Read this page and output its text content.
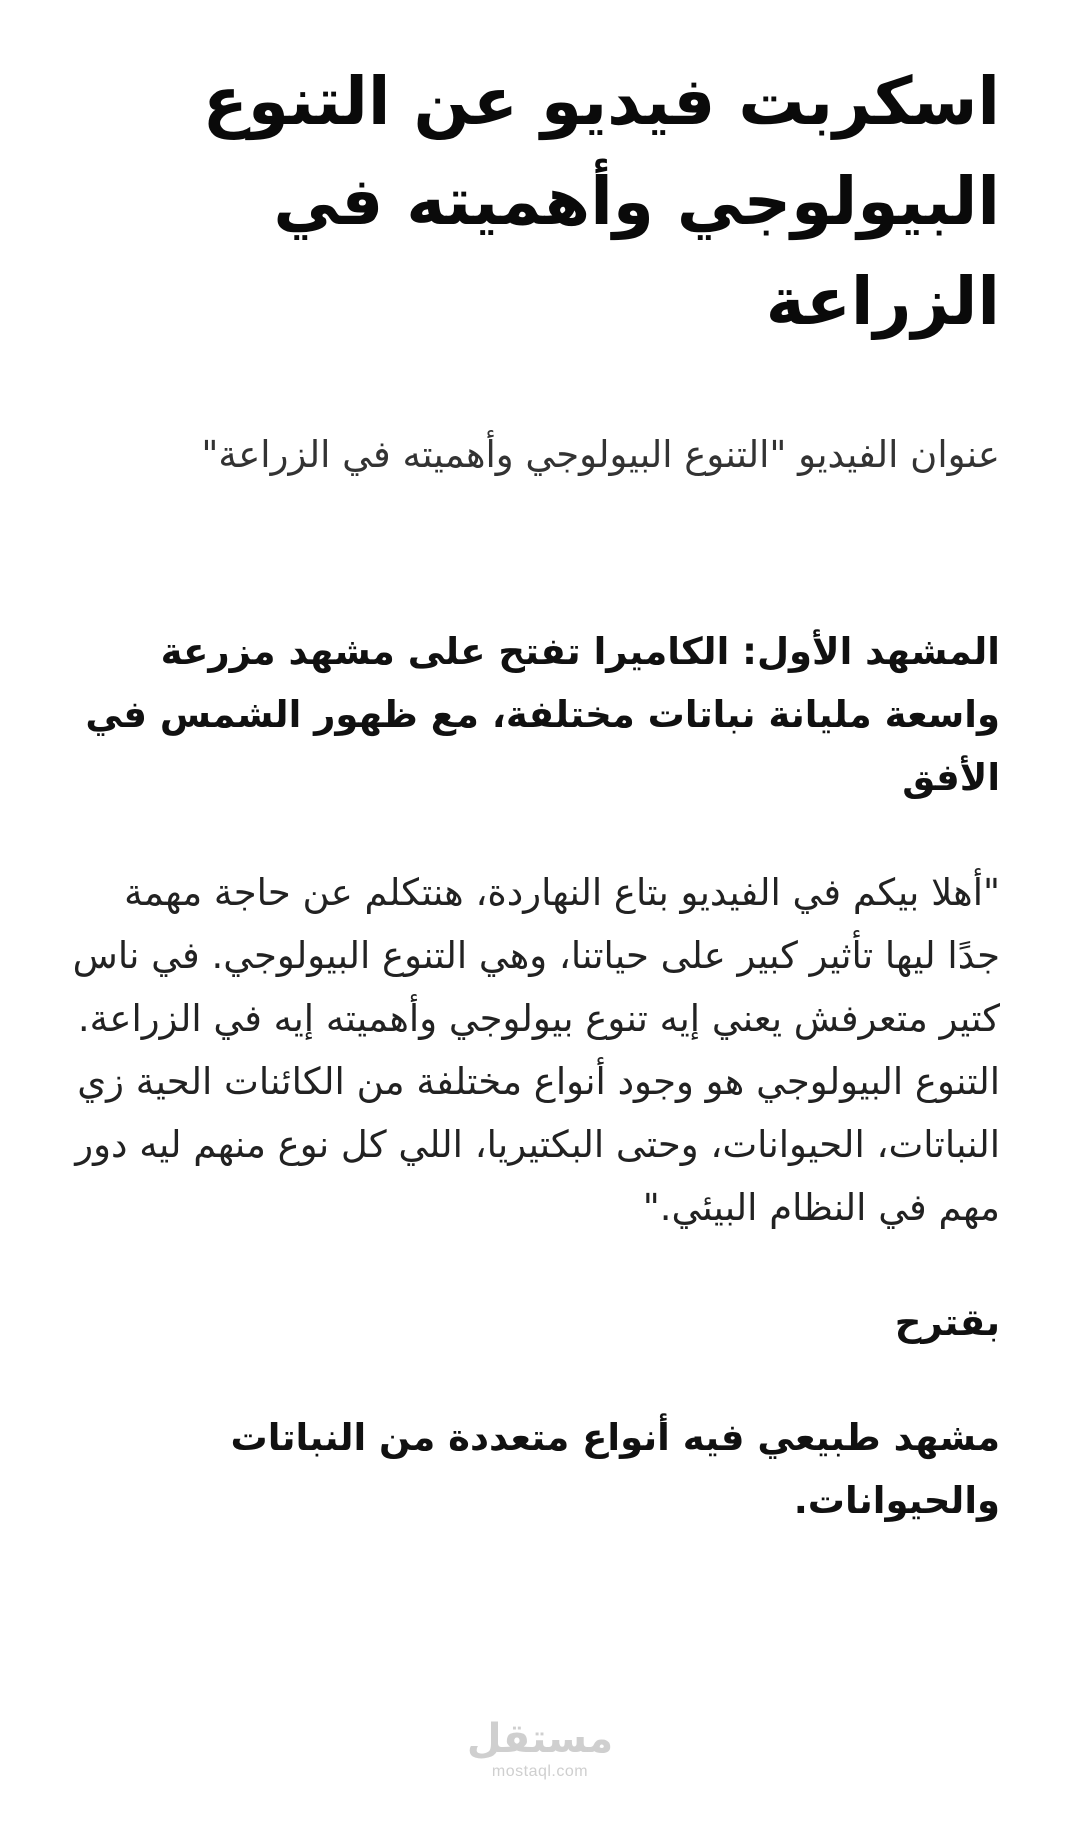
اسكربت فيديو عن التنوع البيولوجي وأهميته في الزراعة

عنوان الفيديو "التنوع البيولوجي وأهميته في الزراعة"

المشهد الأول: الكاميرا تفتح على مشهد مزرعة واسعة مليانة نباتات مختلفة، مع ظهور الشمس في الأفق

"أهلا بيكم في الفيديو بتاع النهاردة، هنتكلم عن حاجة مهمة جدًا ليها تأثير كبير على حياتنا، وهي التنوع البيولوجي. في ناس كتير متعرفش يعني إيه تنوع بيولوجي وأهميته إيه في الزراعة. التنوع البيولوجي هو وجود أنواع مختلفة من الكائنات الحية زي النباتات، الحيوانات، وحتى البكتيريا، اللي كل نوع منهم ليه دور مهم في النظام البيئي."

بقترح

مشهد طبيعي فيه أنواع متعددة من النباتات والحيوانات.

مستقل
mostaql.com
